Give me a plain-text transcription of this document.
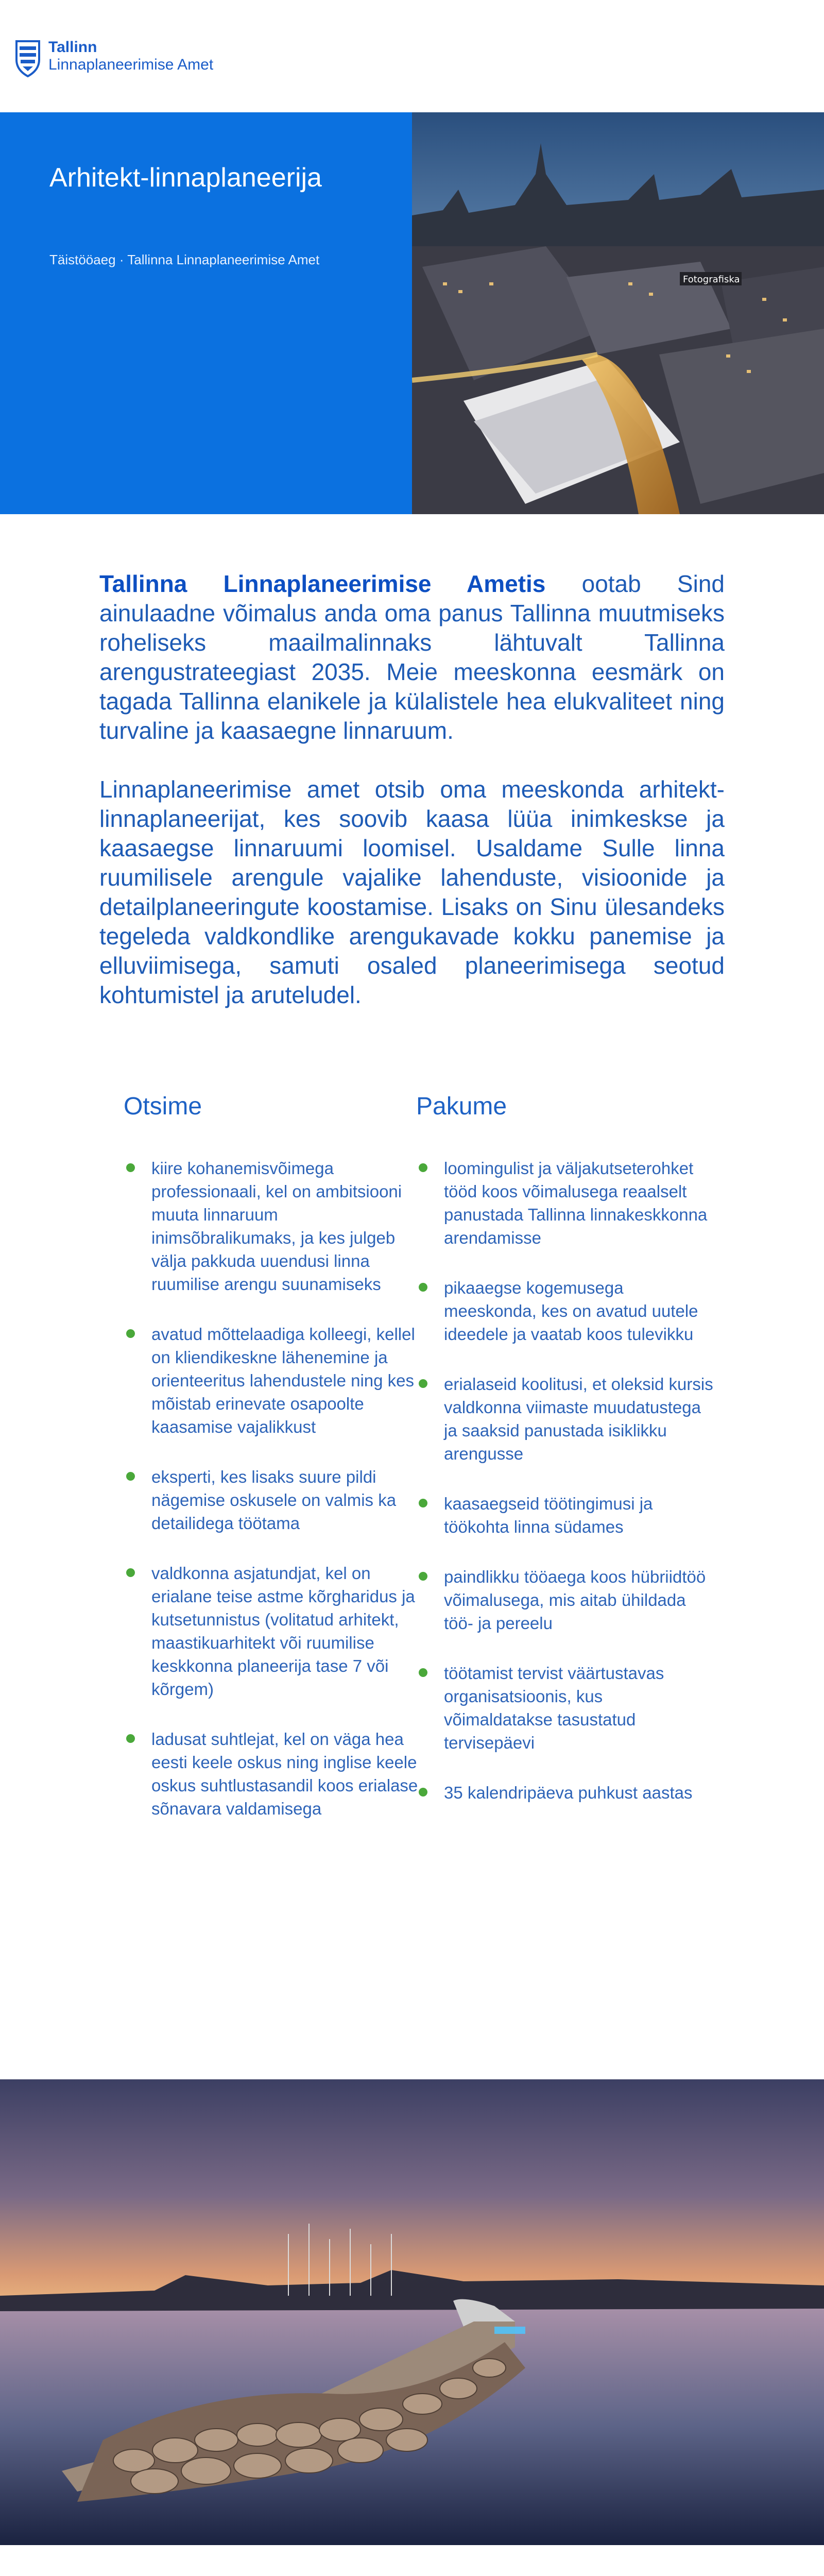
Tallinn
Linnaplaneerimise Amet
Arhitekt-linnaplaneerija
Täistööaeg · Tallinna Linnaplaneerimise Amet
Fotografiska

Tallinna Linnaplaneerimise Ametis ootab Sind ainulaadne võimalus anda oma panus Tallinna muutmiseks roheliseks maailmalinnaks lähtuvalt Tallinna arengustrateegiast 2035. Meie meeskonna eesmärk on tagada Tallinna elanikele ja külalistele hea elukvaliteet ning turvaline ja kaasaegne linnaruum.

Linnaplaneerimise amet otsib oma meeskonda arhitekt-linnaplaneerijat, kes soovib kaasa lüüa inimkeskse ja kaasaegse linnaruumi loomisel. Usaldame Sulle linna ruumilisele arengule vajalike lahenduste, visioonide ja detailplaneeringute koostamise. Lisaks on Sinu ülesandeks tegeleda valdkondlike arengukavade kokku panemise ja elluviimisega, samuti osaled planeerimisega seotud kohtumistel ja aruteludel.

Otsime
kiire kohanemisvõimega professionaali, kel on ambitsiooni muuta linnaruum inimsõbralikumaks, ja kes julgeb välja pakkuda uuendusi linna ruumilise arengu suunamiseks
avatud mõttelaadiga kolleegi, kellel on kliendikeskne lähenemine ja orienteeritus lahendustele ning kes mõistab erinevate osapoolte kaasamise vajalikkust
eksperti, kes lisaks suure pildi nägemise oskusele on valmis ka detailidega töötama
valdkonna asjatundjat, kel on erialane teise astme kõrgharidus ja kutsetunnistus (volitatud arhitekt, maastikuarhitekt või ruumilise keskkonna planeerija tase 7 või kõrgem)
ladusat suhtlejat, kel on väga hea eesti keele oskus ning inglise keele oskus suhtlustasandil koos erialase sõnavara valdamisega
Pakume
loomingulist ja väljakutseterohket tööd koos võimalusega reaalselt panustada Tallinna linnakeskkonna arendamisse
pikaaegse kogemusega meeskonda, kes on avatud uutele ideedele ja vaatab koos tulevikku
erialaseid koolitusi, et oleksid kursis valdkonna viimaste muudatustega ja saaksid panustada isiklikku arengusse
kaasaegseid töötingimusi ja töökohta linna südames
paindlikku tööaega koos hübriidtöö võimalusega, mis aitab ühildada töö- ja pereelu
töötamist tervist väärtustavas organisatsioonis, kus võimaldatakse tasustatud tervisepäevi
35 kalendripäeva puhkust aastas
